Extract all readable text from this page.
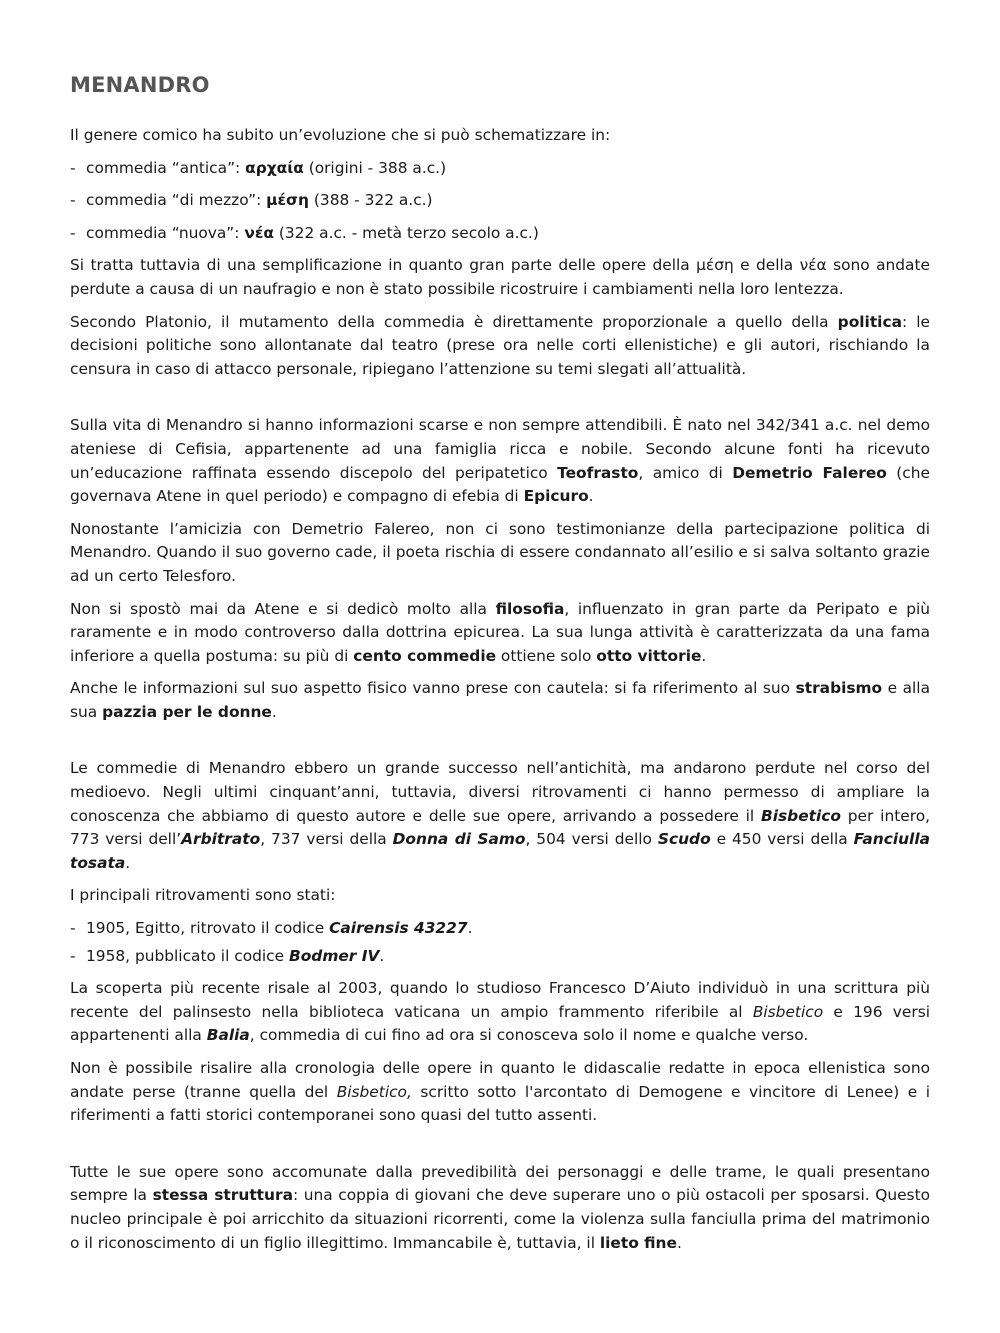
MENANDRO

Il genere comico ha subito un’evoluzione che si può schematizzare in:

- commedia “antica”: αρχαία (origini - 388 a.c.)
- commedia “di mezzo”: μέση (388 - 322 a.c.)
- commedia “nuova”: νέα (322 a.c. - metà terzo secolo a.c.)

Si tratta tuttavia di una semplificazione in quanto gran parte delle opere della μέση e della νέα sono andate perdute a causa di un naufragio e non è stato possibile ricostruire i cambiamenti nella loro lentezza.

Secondo Platonio, il mutamento della commedia è direttamente proporzionale a quello della politica: le decisioni politiche sono allontanate dal teatro (prese ora nelle corti ellenistiche) e gli autori, rischiando la censura in caso di attacco personale, ripiegano l’attenzione su temi slegati all’attualità.

Sulla vita di Menandro si hanno informazioni scarse e non sempre attendibili. È nato nel 342/341 a.c. nel demo ateniese di Cefisia, appartenente ad una famiglia ricca e nobile. Secondo alcune fonti ha ricevuto un’educazione raffinata essendo discepolo del peripatetico Teofrasto, amico di Demetrio Falereo (che governava Atene in quel periodo) e compagno di efebia di Epicuro.

Nonostante l’amicizia con Demetrio Falereo, non ci sono testimonianze della partecipazione politica di Menandro. Quando il suo governo cade, il poeta rischia di essere condannato all’esilio e si salva soltanto grazie ad un certo Telesforo.

Non si spostò mai da Atene e si dedicò molto alla filosofia, influenzato in gran parte da Peripato e più raramente e in modo controverso dalla dottrina epicurea. La sua lunga attività è caratterizzata da una fama inferiore a quella postuma: su più di cento commedie ottiene solo otto vittorie.

Anche le informazioni sul suo aspetto fisico vanno prese con cautela: si fa riferimento al suo strabismo e alla sua pazzia per le donne.

Le commedie di Menandro ebbero un grande successo nell’antichità, ma andarono perdute nel corso del medioevo. Negli ultimi cinquant’anni, tuttavia, diversi ritrovamenti ci hanno permesso di ampliare la conoscenza che abbiamo di questo autore e delle sue opere, arrivando a possedere il Bisbetico per intero, 773 versi dell’Arbitrato, 737 versi della Donna di Samo, 504 versi dello Scudo e 450 versi della Fanciulla tosata.

I principali ritrovamenti sono stati:

- 1905, Egitto, ritrovato il codice Cairensis 43227.
- 1958, pubblicato il codice Bodmer IV.

La scoperta più recente risale al 2003, quando lo studioso Francesco D’Aiuto individuò in una scrittura più recente del palinsesto nella biblioteca vaticana un ampio frammento riferibile al Bisbetico e 196 versi appartenenti alla Balia, commedia di cui fino ad ora si conosceva solo il nome e qualche verso.

Non è possibile risalire alla cronologia delle opere in quanto le didascalie redatte in epoca ellenistica sono andate perse (tranne quella del Bisbetico, scritto sotto l'arcontato di Demogene e vincitore di Lenee) e i riferimenti a fatti storici contemporanei sono quasi del tutto assenti.

Tutte le sue opere sono accomunate dalla prevedibilità dei personaggi e delle trame, le quali presentano sempre la stessa struttura: una coppia di giovani che deve superare uno o più ostacoli per sposarsi. Questo nucleo principale è poi arricchito da situazioni ricorrenti, come la violenza sulla fanciulla prima del matrimonio o il riconoscimento di un figlio illegittimo. Immancabile è, tuttavia, il lieto fine.
